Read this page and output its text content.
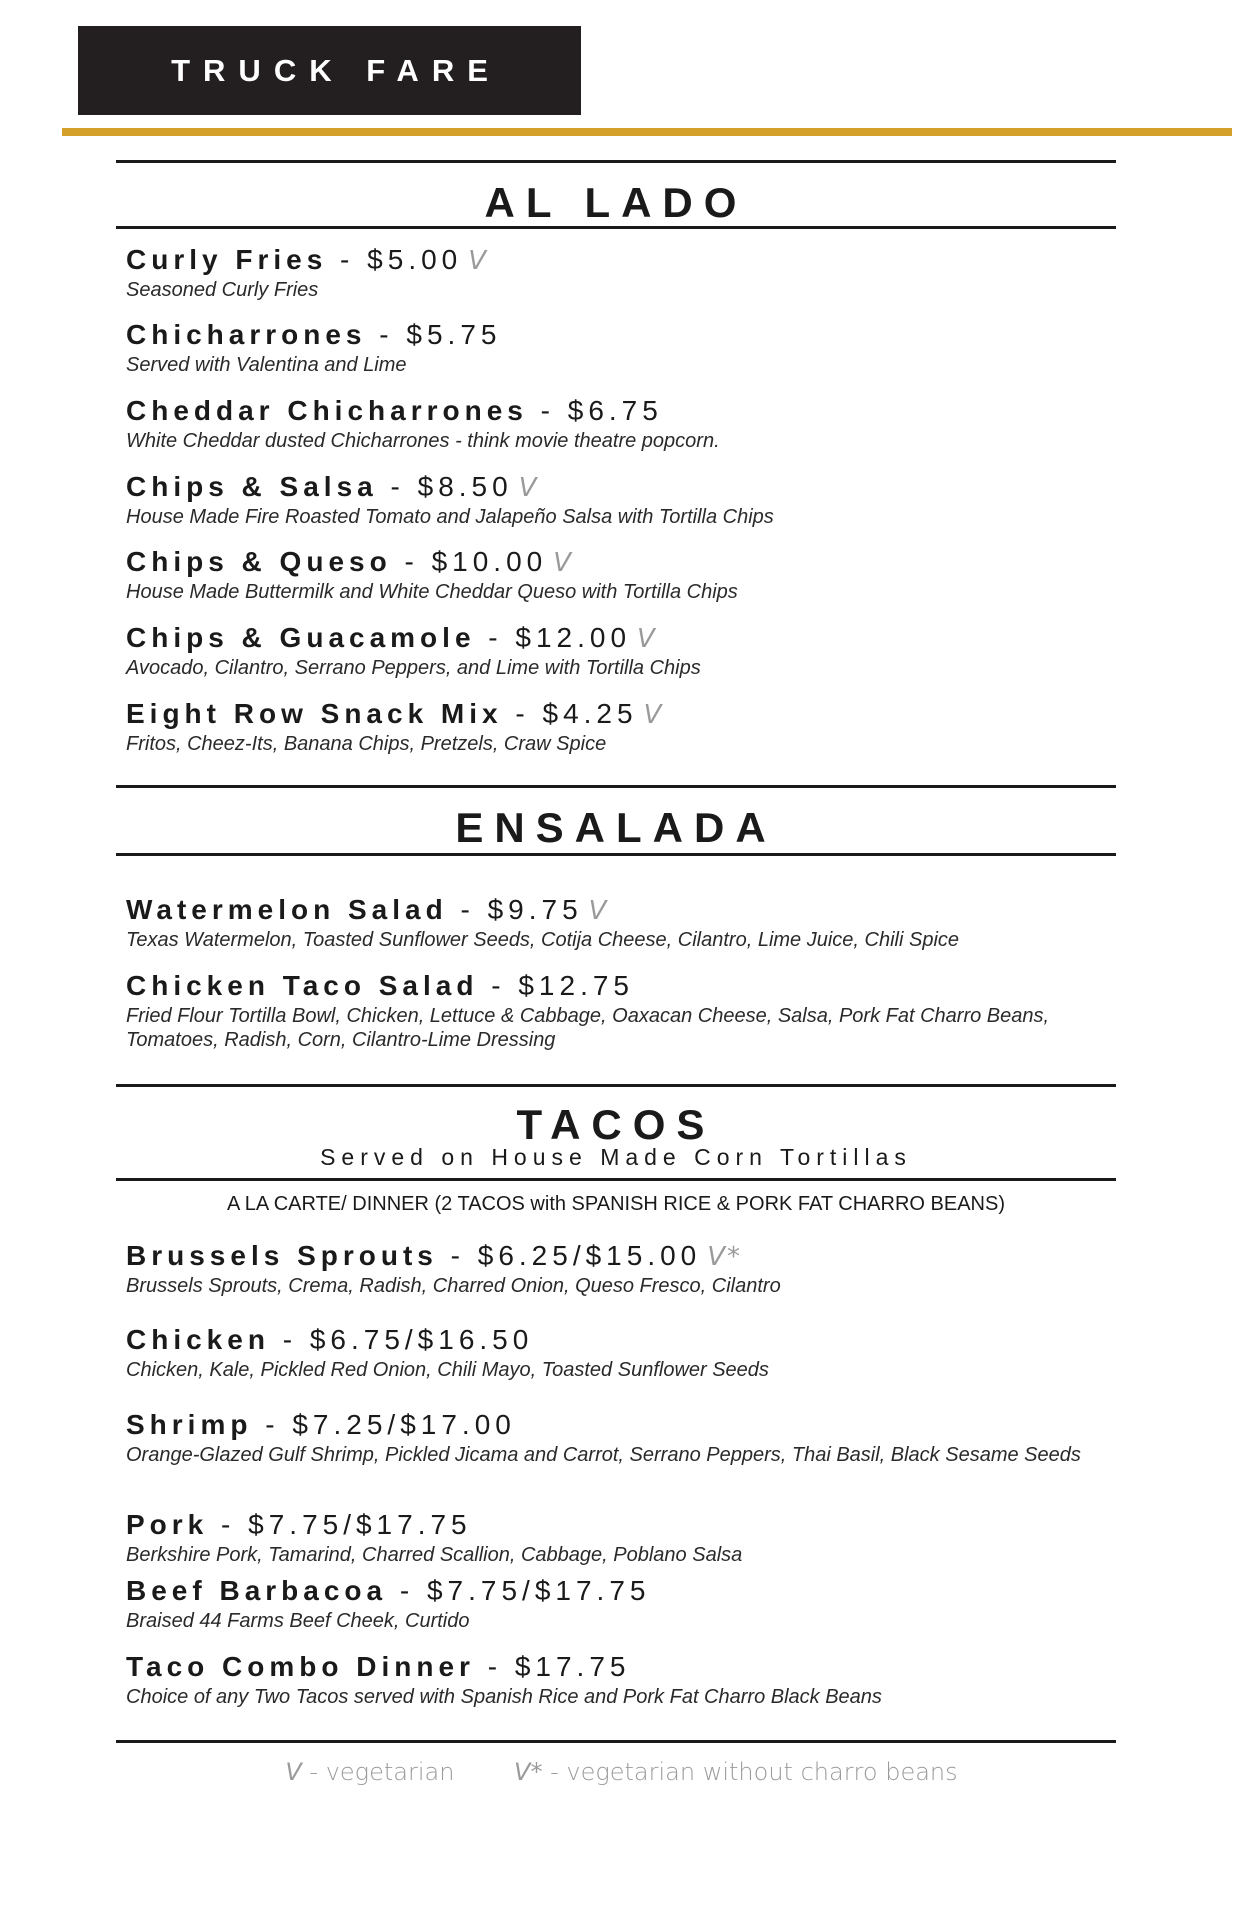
TRUCK FARE
AL LADO
Curly Fries - $5.00 V
Seasoned Curly Fries
Chicharrones - $5.75
Served with Valentina and Lime
Cheddar Chicharrones - $6.75
White Cheddar dusted Chicharrones - think movie theatre popcorn.
Chips & Salsa - $8.50 V
House Made Fire Roasted Tomato and Jalapeño Salsa with Tortilla Chips
Chips & Queso - $10.00 V
House Made Buttermilk and White Cheddar Queso with Tortilla Chips
Chips & Guacamole - $12.00 V
Avocado, Cilantro, Serrano Peppers, and Lime with Tortilla Chips
Eight Row Snack Mix - $4.25 V
Fritos, Cheez-Its, Banana Chips, Pretzels, Craw Spice
ENSALADA
Watermelon Salad - $9.75 V
Texas Watermelon, Toasted Sunflower Seeds, Cotija Cheese, Cilantro, Lime Juice, Chili Spice
Chicken Taco Salad - $12.75
Fried Flour Tortilla Bowl, Chicken, Lettuce & Cabbage, Oaxacan Cheese, Salsa, Pork Fat Charro Beans, Tomatoes, Radish, Corn, Cilantro-Lime Dressing
TACOS
Served on House Made Corn Tortillas
A LA CARTE/ DINNER (2 TACOS with SPANISH RICE & PORK FAT CHARRO BEANS)
Brussels Sprouts - $6.25/$15.00 V*
Brussels Sprouts, Crema, Radish, Charred Onion, Queso Fresco, Cilantro
Chicken - $6.75/$16.50
Chicken, Kale, Pickled Red Onion, Chili Mayo, Toasted Sunflower Seeds
Shrimp - $7.25/$17.00
Orange-Glazed Gulf Shrimp, Pickled Jicama and Carrot, Serrano Peppers, Thai Basil, Black Sesame Seeds
Pork - $7.75/$17.75
Berkshire Pork, Tamarind, Charred Scallion, Cabbage, Poblano Salsa
Beef Barbacoa - $7.75/$17.75
Braised 44 Farms Beef Cheek, Curtido
Taco Combo Dinner - $17.75
Choice of any Two Tacos served with Spanish Rice and Pork Fat Charro Black Beans
V - vegetarian V* - vegetarian without charro beans
